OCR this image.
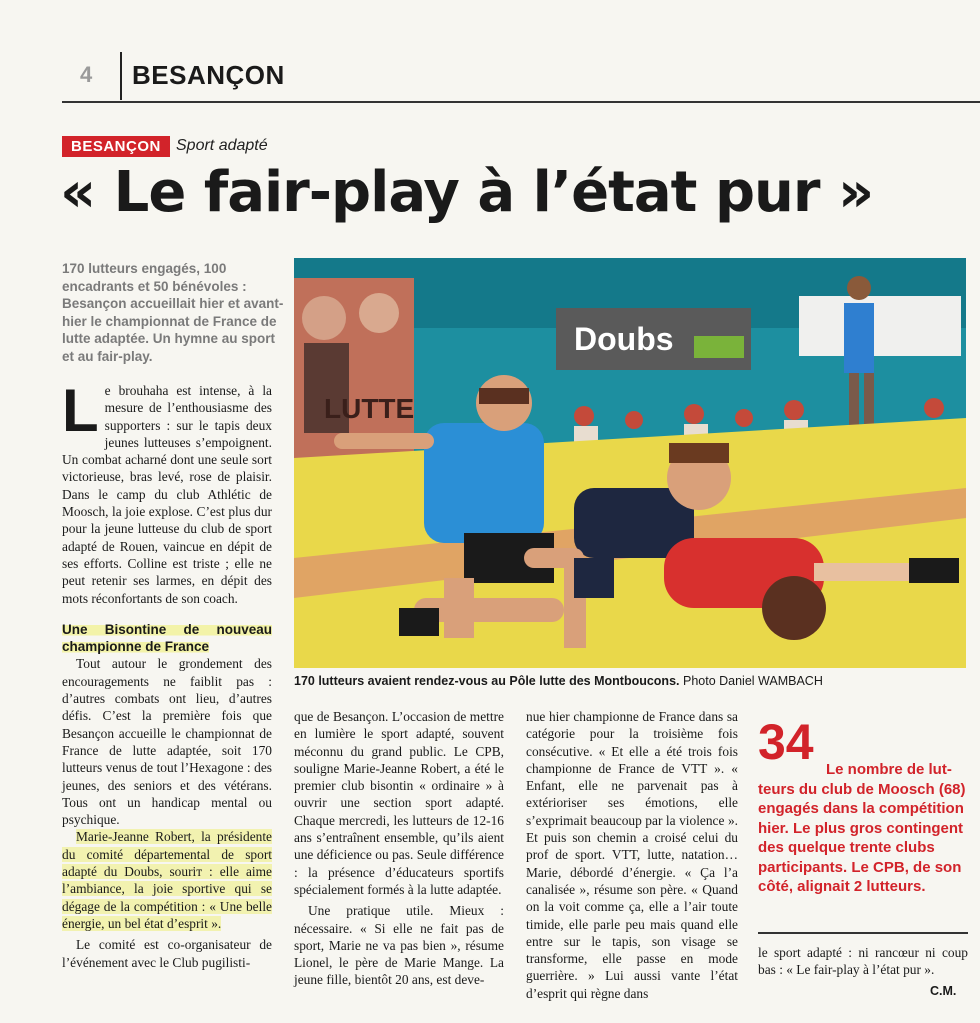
4 BESANÇON
BESANÇON Sport adapté
« Le fair-play à l’état pur »
170 lutteurs engagés, 100 encadrants et 50 bénévoles : Besançon accueillait hier et avant-hier le championnat de France de lutte adaptée. Un hymne au sport et au fair-play.

Le brouhaha est intense, à la mesure de l’enthousiasme des supporters : sur le tapis deux jeunes lutteuses s’empoignent. Un combat acharné dont une seule sort victorieuse, bras levé, rose de plaisir. Dans le camp du club Athlétic de Moosch, la joie explose. C’est plus dur pour la jeune lutteuse du club de sport adapté de Rouen, vaincue en dépit de ses efforts. Colline est triste ; elle ne peut retenir ses larmes, en dépit des mots réconfortants de son coach.

Une Bisontine de nouveau championne de France

Tout autour le grondement des encouragements ne faiblit pas : d’autres combats ont lieu, d’autres défis. C’est la première fois que Besançon accueille le championnat de France de lutte adaptée, soit 170 lutteurs venus de tout l’Hexagone : des jeunes, des seniors et des vétérans. Tous ont un handicap mental ou psychique.

Marie-Jeanne Robert, la présidente du comité départemental de sport adapté du Doubs, souriт : elle aime l’ambiance, la joie sportive qui se dégage de la compétition : « Une belle énergie, un bel état d’esprit ».

Le comité est co-organisateur de l’événement avec le Club pugilisti-

LUTTE
Doubs
170 lutteurs avaient rendez-vous au Pôle lutte des Montboucons. Photo Daniel WAMBACH

que de Besançon. L’occasion de mettre en lumière le sport adapté, souvent méconnu du grand public. Le CPB, souligne Marie-Jeanne Robert, a été le premier club bisontin « ordinaire » à ouvrir une section sport adapté. Chaque mercredi, les lutteurs de 12-16 ans s’entraînent ensemble, qu’ils aient une déficience ou pas. Seule différence : la présence d’éducateurs sportifs spécialement formés à la lutte adaptée.

Une pratique utile. Mieux : nécessaire. « Si elle ne fait pas de sport, Marie ne va pas bien », résume Lionel, le père de Marie Mange. La jeune fille, bientôt 20 ans, est deve-

nue hier championne de France dans sa catégorie pour la troisième fois consécutive. « Et elle a été trois fois championne de France de VTT ». « Enfant, elle ne parvenait pas à extérioriser ses émotions, elle s’exprimait beaucoup par la violence ». Et puis son chemin a croisé celui du prof de sport. VTT, lutte, natation… Marie, débordé d’énergie. « Ça l’a canalisée », résume son père. « Quand on la voit comme ça, elle a l’air toute timide, elle parle peu mais quand elle entre sur le tapis, son visage se transforme, elle passe en mode guerrière. » Lui aussi vante l’état d’esprit qui règne dans

34 Le nombre de lut-
teurs du club de Moosch (68) engagés dans la compétition hier. Le plus gros contingent des quelque trente clubs participants. Le CPB, de son côté, alignait 2 lutteurs.
le sport adapté : ni rancœur ni coup bas : « Le fair-play à l’état pur ».
C.M.
